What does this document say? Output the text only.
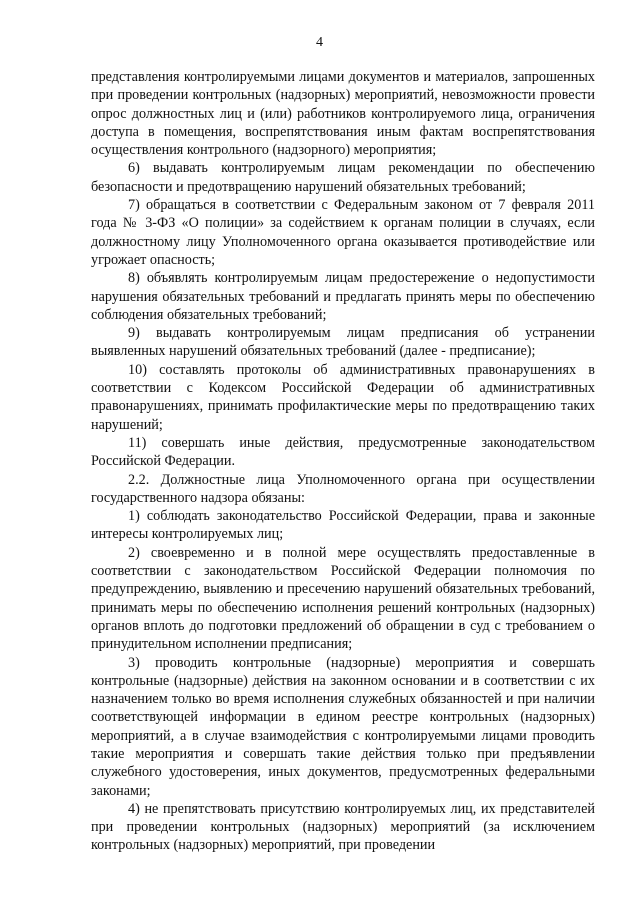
4

представления контролируемыми лицами документов и материалов, запрошенных при проведении контрольных (надзорных) мероприятий, невозможности провести опрос должностных лиц и (или) работников контролируемого лица, ограничения доступа в помещения, воспрепятствования иным фактам воспрепятствования осуществления контрольного (надзорного) мероприятия;

6) выдавать контролируемым лицам рекомендации по обеспечению безопасности и предотвращению нарушений обязательных требований;

7) обращаться в соответствии с Федеральным законом от 7 февраля 2011 года № 3-ФЗ «О полиции» за содействием к органам полиции в случаях, если должностному лицу Уполномоченного органа оказывается противодействие или угрожает опасность;

8) объявлять контролируемым лицам предостережение о недопустимости нарушения обязательных требований и предлагать принять меры по обеспечению соблюдения обязательных требований;

9) выдавать контролируемым лицам предписания об устранении выявленных нарушений обязательных требований (далее - предписание);

10) составлять протоколы об административных правонарушениях в соответствии с Кодексом Российской Федерации об административных правонарушениях, принимать профилактические меры по предотвращению таких нарушений;

11) совершать иные действия, предусмотренные законодательством Российской Федерации.

2.2. Должностные лица Уполномоченного органа при осуществлении государственного надзора обязаны:

1) соблюдать законодательство Российской Федерации, права и законные интересы контролируемых лиц;

2) своевременно и в полной мере осуществлять предоставленные в соответствии с законодательством Российской Федерации полномочия по предупреждению, выявлению и пресечению нарушений обязательных требований, принимать меры по обеспечению исполнения решений контрольных (надзорных) органов вплоть до подготовки предложений об обращении в суд с требованием о принудительном исполнении предписания;

3) проводить контрольные (надзорные) мероприятия и совершать контрольные (надзорные) действия на законном основании и в соответствии с их назначением только во время исполнения служебных обязанностей и при наличии соответствующей информации в едином реестре контрольных (надзорных) мероприятий, а в случае взаимодействия с контролируемыми лицами проводить такие мероприятия и совершать такие действия только при предъявлении служебного удостоверения, иных документов, предусмотренных федеральными законами;

4) не препятствовать присутствию контролируемых лиц, их представителей при проведении контрольных (надзорных) мероприятий (за исключением контрольных (надзорных) мероприятий, при проведении
